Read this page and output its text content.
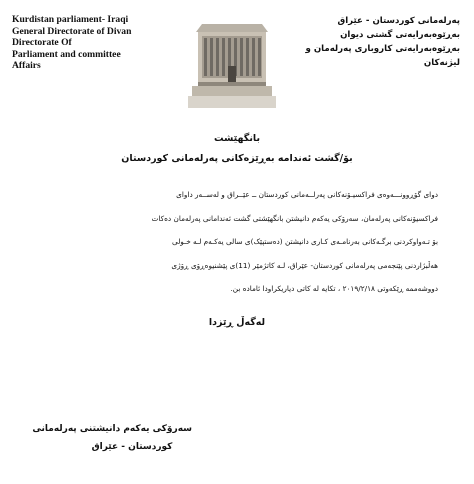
Kurdistan parliament- Iraqi
General Directorate of Divan
Directorate Of
Parliament and committee
Affairs
پەرلەمانی کوردستان - عێراق
بەڕێوەبەرایەتی گشتی دیوان
بەڕێوەبەرایەتی کاروباری پەرلەمان و
لیژنەکان
بانگهێشت
بۆ/گشت ئەندامە بەڕێزەکانی پەرلەمانی کوردستان
دوای گۆڕوونـــەوەی فراکسیـۆنەکانی پەرلــەمانی کوردستان ــ عێــراق و لەســەر داوای
فراکسیۆنەکانی پەرلەمان، سەرۆکی یەکەم دانیشتن بانگهێشتی گشت ئەندامانی پەرلەمان دەکات
بۆ تـەواوکردنی برگـەکانی بەرنامـەی کـاری دانیشتن (دەستپێک)ی سالی یەکـەم لـە خـولی
هەڵبژاردنی پێنجەمی پەرلەمانی کوردستان- عێراق، لـە کاتژمێر (11)ی پێشنیوەڕۆی ڕۆژی
دووشەممە ڕێکەوتی ٢٠١٩/٢/١٨ ، تکایە لە کاتی دیاریکراودا ئامادە بن.
لەگەڵ ڕێزدا
سەرۆکی یەکەم دانیشتنی پەرلەمانی
کوردستان - عێراق
